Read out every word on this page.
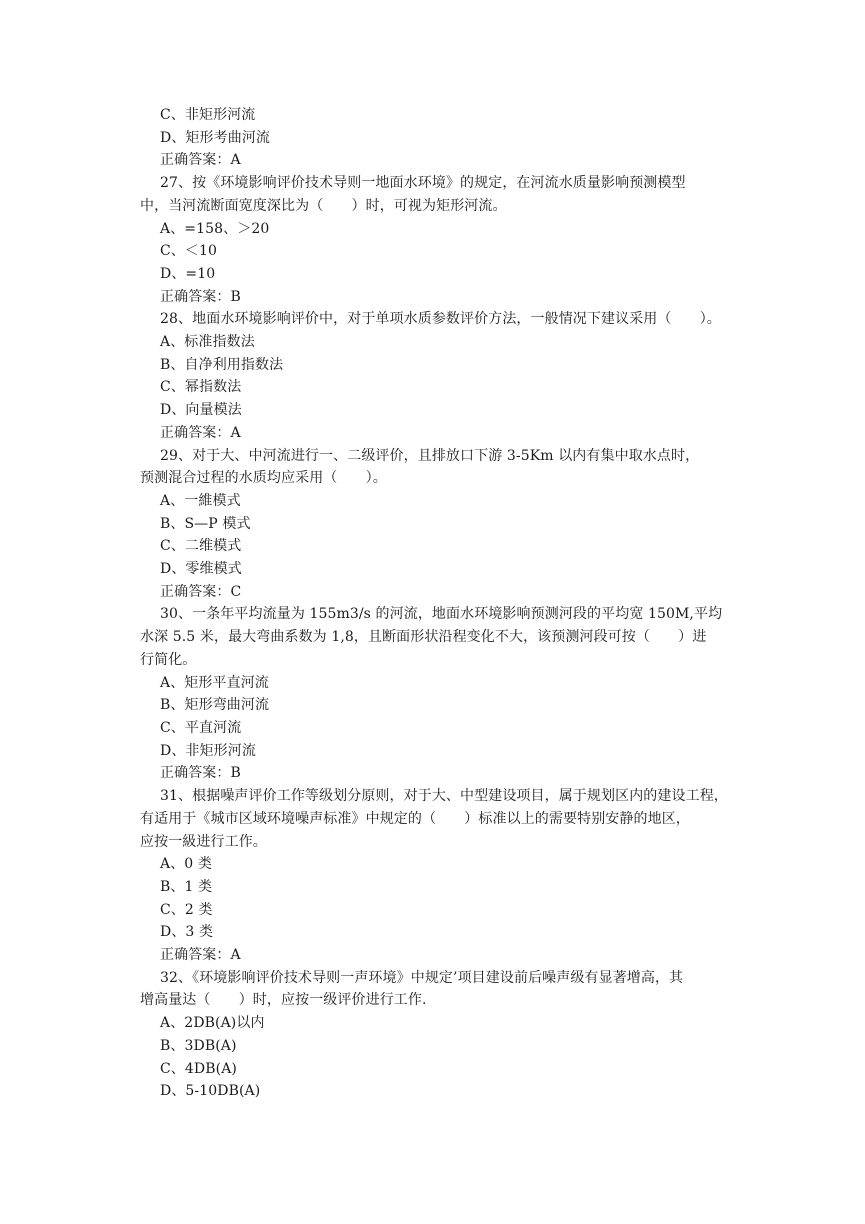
C、非矩形河流
D、矩形考曲河流
正确答案：A
27、按《环境影响评价技术导则一地面水环境》的规定，在河流水质量影响预测模型
中，当河流断面宽度深比为（　　）时，可视为矩形河流。
A、=158、＞20
C、＜10
D、=10
正确答案：B
28、地面水环境影响评价中，对于单项水质参数评价方法，一般情况下建议采用（　　）。
A、标准指数法
B、自净利用指数法
C、幂指数法
D、向量模法
正确答案：A
29、对于大、中河流进行一、二级评价，且排放口下游 3-5Km 以内有集中取水点时，
预测混合过程的水质均应采用（　　）。
A、一維模式
B、S—P 模式
C、二维模式
D、零维模式
正确答案：C
30、一条年平均流量为 155m3/s 的河流，地面水环境影响预测河段的平均宽 150M,平均
水深 5.5 米，最大弯曲系数为 1,8，且断面形状沿程变化不大，该预测河段可按（　　）进
行简化。
A、矩形平直河流
B、矩形弯曲河流
C、平直河流
D、非矩形河流
正确答案：B
31、根据噪声评价工作等级划分原则，对于大、中型建设项目，属于规划区内的建设工程，
有适用于《城市区域环境噪声标准》中规定的（　　）标准以上的需要特别安静的地区，
应按一級进行工作。
A、0 类
B、1 类
C、2 类
D、3 类
正确答案：A
32、《环境影响评价技术导则一声环境》中规定’项目建设前后噪声级有显著增高，其
增高量达（　　）时，应按一级评价进行工作.
A、2DB(A)以内
B、3DB(A)
C、4DB(A)
D、5-10DB(A)
